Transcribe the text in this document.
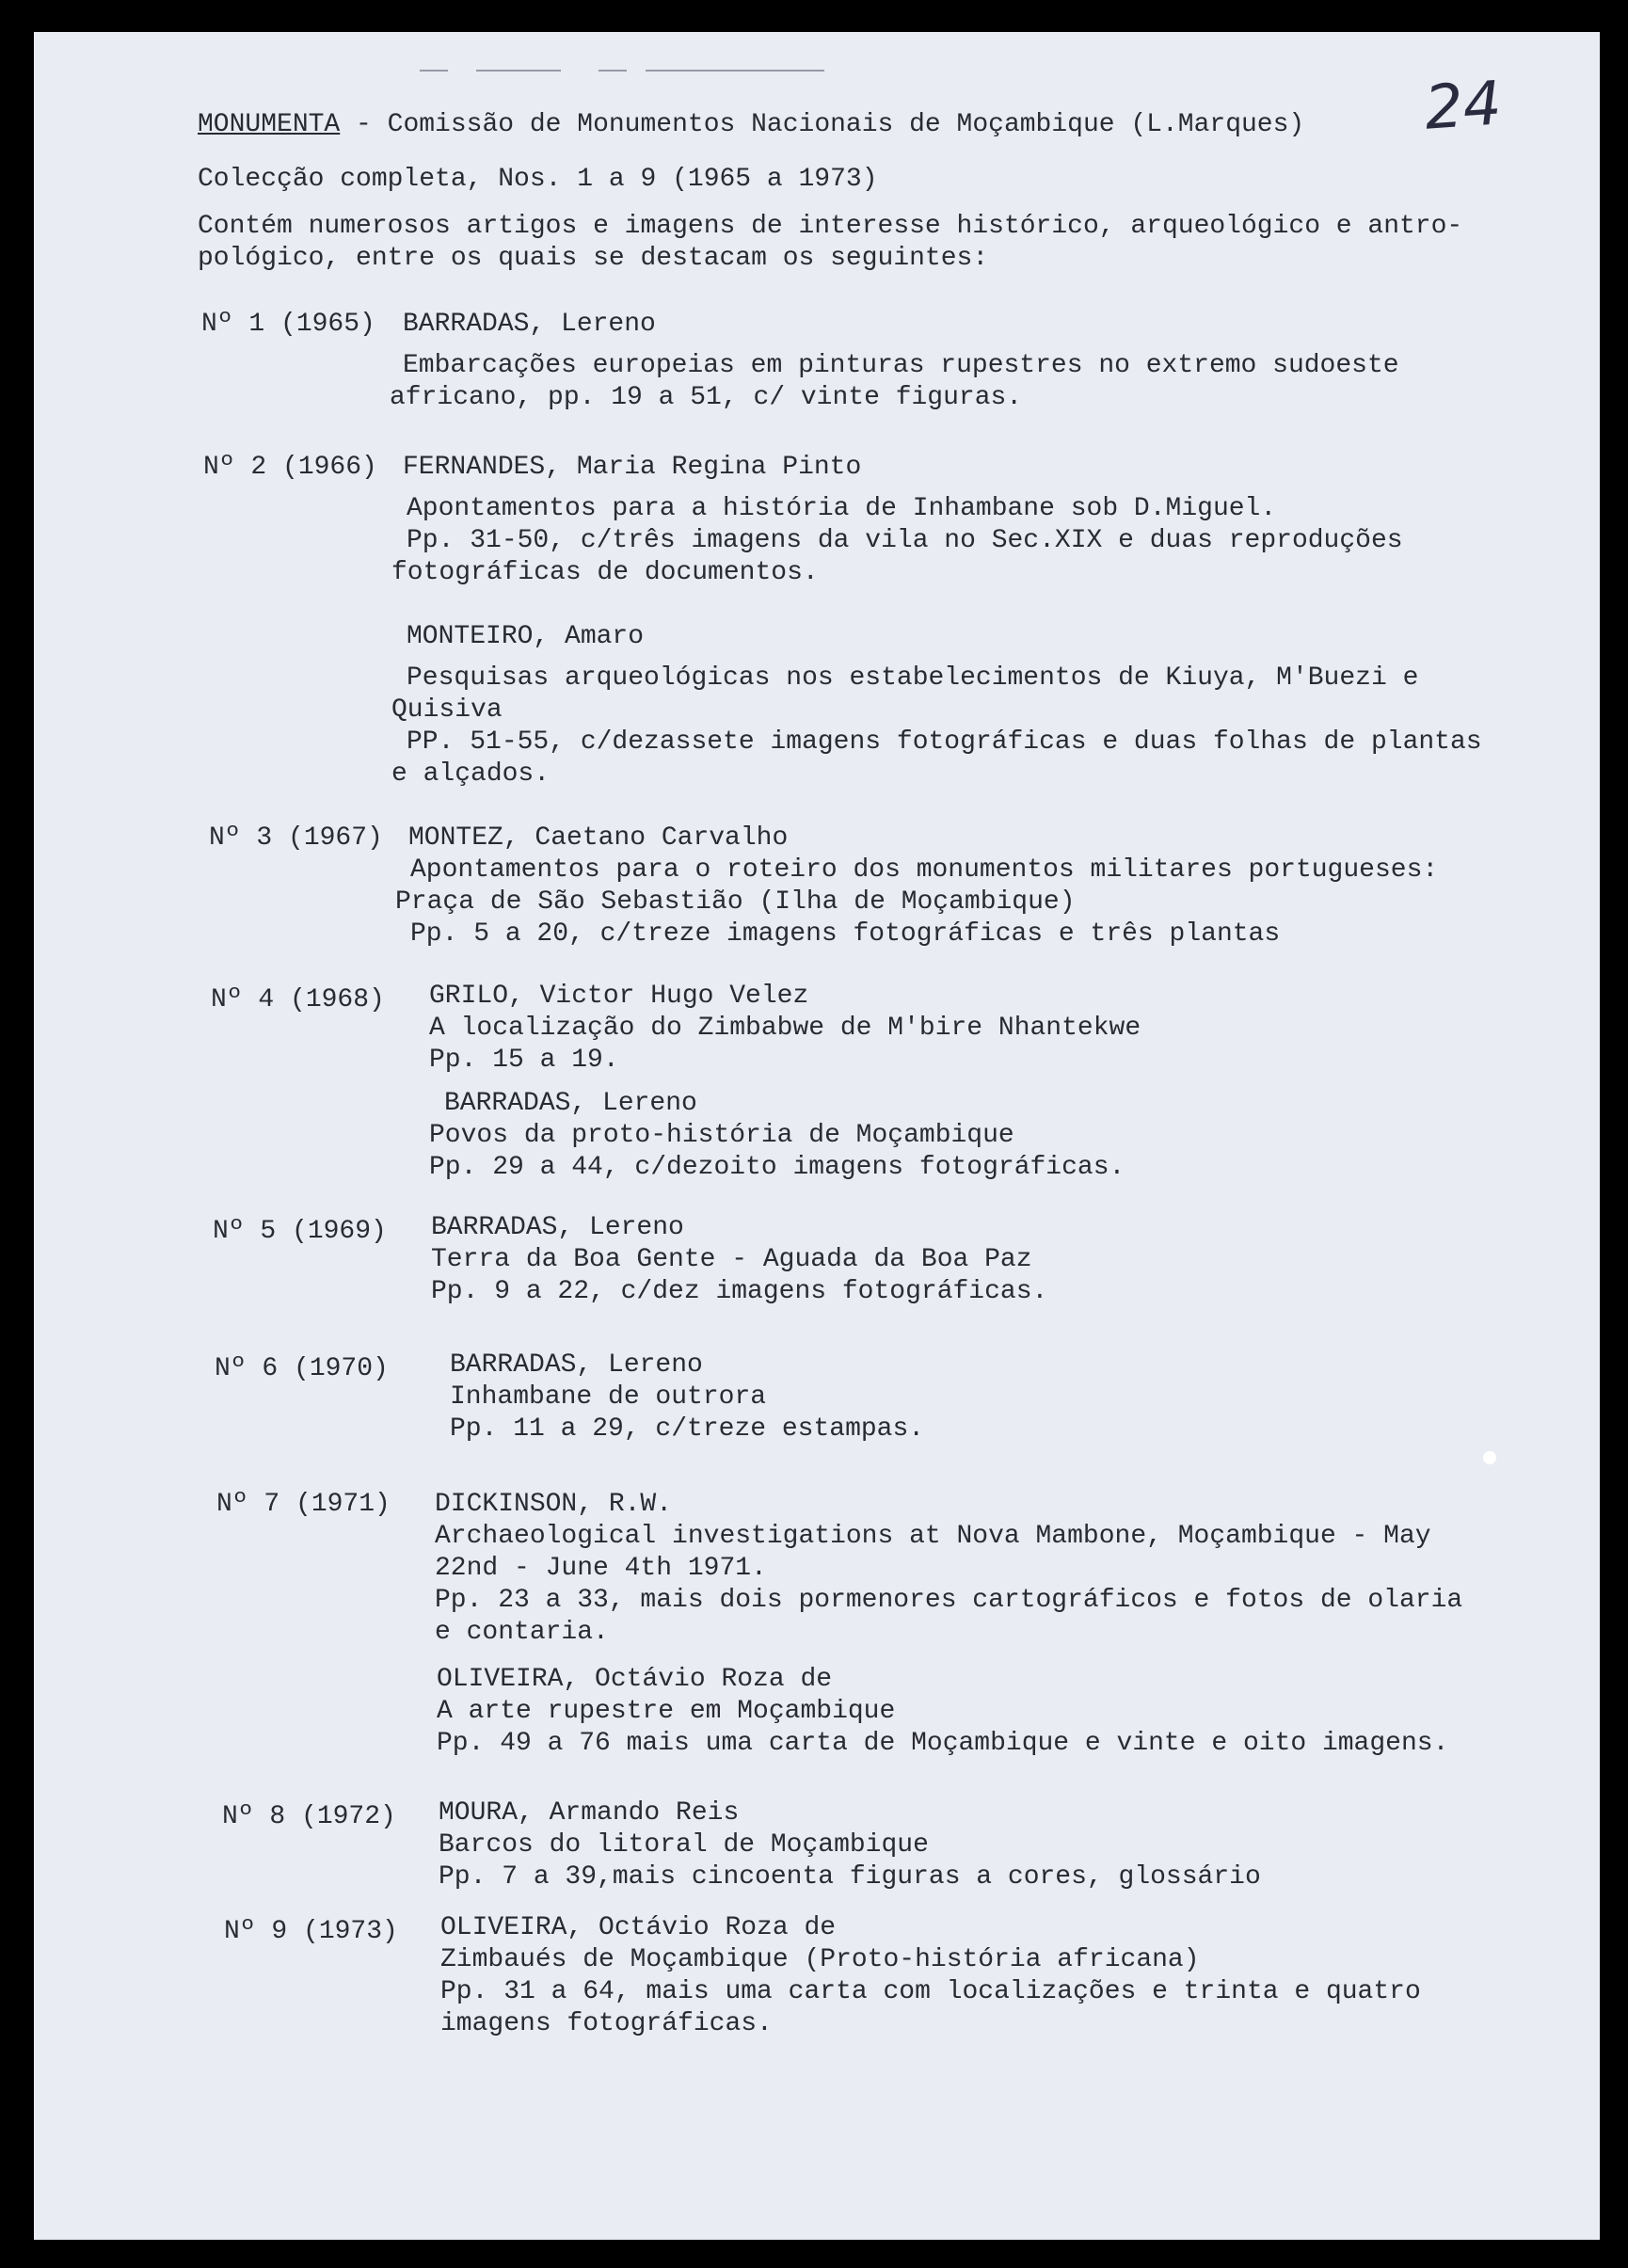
24
MONUMENTA - Comissão de Monumentos Nacionais de Moçambique (L.Marques)
Colecção completa, Nos. 1 a 9 (1965 a 1973)
Contém numerosos artigos e imagens de interesse histórico, arqueológico e antro-
pológico, entre os quais se destacam os seguintes:
Nº 1 (1965) BARRADAS, Lereno
Embarcações europeias em pinturas rupestres no extremo sudoeste
africano, pp. 19 a 51, c/ vinte figuras.
Nº 2 (1966) FERNANDES, Maria Regina Pinto
Apontamentos para a história de Inhambane sob D.Miguel.
Pp. 31-50, c/três imagens da vila no Sec.XIX e duas reproduções
fotográficas de documentos.
MONTEIRO, Amaro
Pesquisas arqueológicas nos estabelecimentos de Kiuya, M'Buezi e
Quisiva
PP. 51-55, c/dezassete imagens fotográficas e duas folhas de plantas
e alçados.
Nº 3 (1967) MONTEZ, Caetano Carvalho
Apontamentos para o roteiro dos monumentos militares portugueses:
Praça de São Sebastião (Ilha de Moçambique)
Pp. 5 a 20, c/treze imagens fotográficas e três plantas
Nº 4 (1968) GRILO, Victor Hugo Velez
A localização do Zimbabwe de M'bire Nhantekwe
Pp. 15 a 19.
BARRADAS, Lereno
Povos da proto-história de Moçambique
Pp. 29 a 44, c/dezoito imagens fotográficas.
Nº 5 (1969) BARRADAS, Lereno
Terra da Boa Gente - Aguada da Boa Paz
Pp. 9 a 22, c/dez imagens fotográficas.
Nº 6 (1970) BARRADAS, Lereno
Inhambane de outrora
Pp. 11 a 29, c/treze estampas.
Nº 7 (1971) DICKINSON, R.W.
Archaeological investigations at Nova Mambone, Moçambique - May
22nd - June 4th 1971.
Pp. 23 a 33, mais dois pormenores cartográficos e fotos de olaria
e contaria.
OLIVEIRA, Octávio Roza de
A arte rupestre em Moçambique
Pp. 49 a 76 mais uma carta de Moçambique e vinte e oito imagens.
Nº 8 (1972) MOURA, Armando Reis
Barcos do litoral de Moçambique
Pp. 7 a 39,mais cincoenta figuras a cores, glossário
Nº 9 (1973) OLIVEIRA, Octávio Roza de
Zimbaués de Moçambique (Proto-história africana)
Pp. 31 a 64, mais uma carta com localizações e trinta e quatro
imagens fotográficas.
